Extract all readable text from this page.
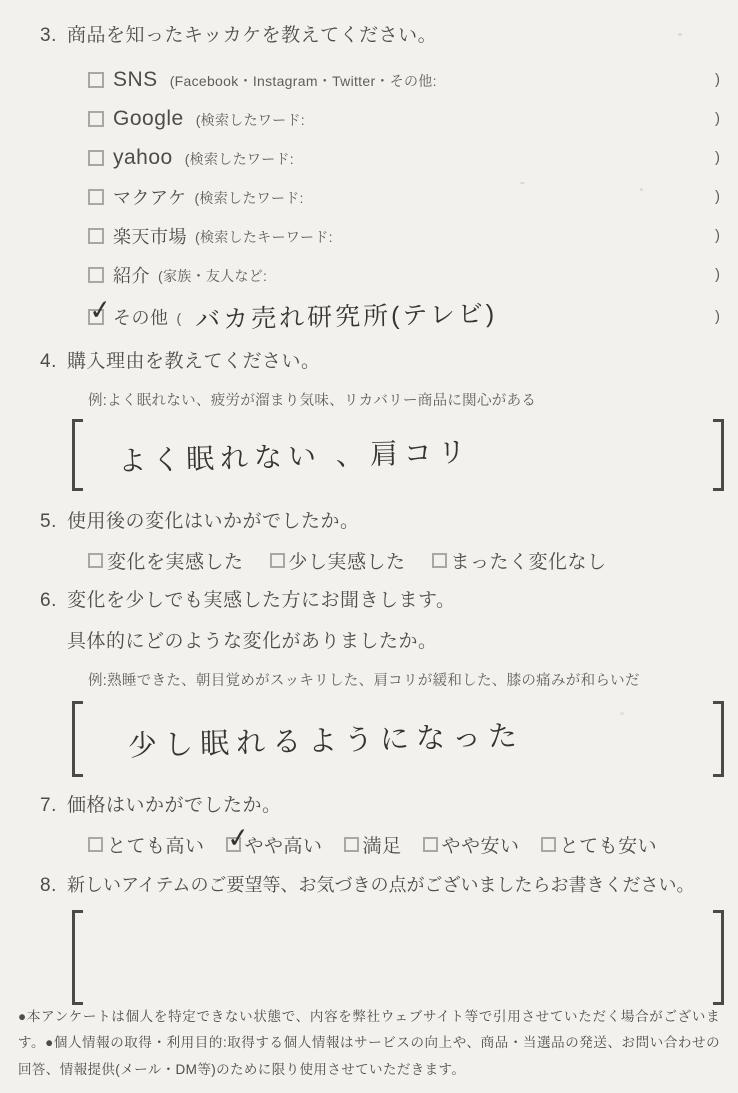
3. 商品を知ったキッカケを教えてください。
SNS (Facebook・Instagram・Twitter・その他:	)
Google (検索したワード:	)
yahoo (検索したワード:	)
マクアケ (検索したワード:	)
楽天市場 (検索したキーワード:	)
紹介 (家族・友人など:	)
✓ その他 ( バカ売れ研究所(テレビ)	)
4. 購入理由を教えてください。
例:よく眠れない、疲労が溜まり気味、リカバリー商品に関心がある
よく眠れない 、肩コリ
5. 使用後の変化はいかがでしたか。
変化を実感した 少し実感した まったく変化なし
6. 変化を少しでも実感した方にお聞きします。
具体的にどのような変化がありましたか。
例:熟睡できた、朝目覚めがスッキリした、肩コリが緩和した、膝の痛みが和らいだ
少し眠れるようになった
7. 価格はいかがでしたか。
とても高い ✓
やや高い 満足 やや安い とても安い
8. 新しいアイテムのご要望等、お気づきの点がございましたらお書きください。

●本アンケートは個人を特定できない状態で、内容を弊社ウェブサイト等で引用させていただく場合がございます。●個人情報の取得・利用目的:取得する個人情報はサービスの向上や、商品・当選品の発送、お問い合わせの回答、情報提供(メール・DM等)のために限り使用させていただきます。
